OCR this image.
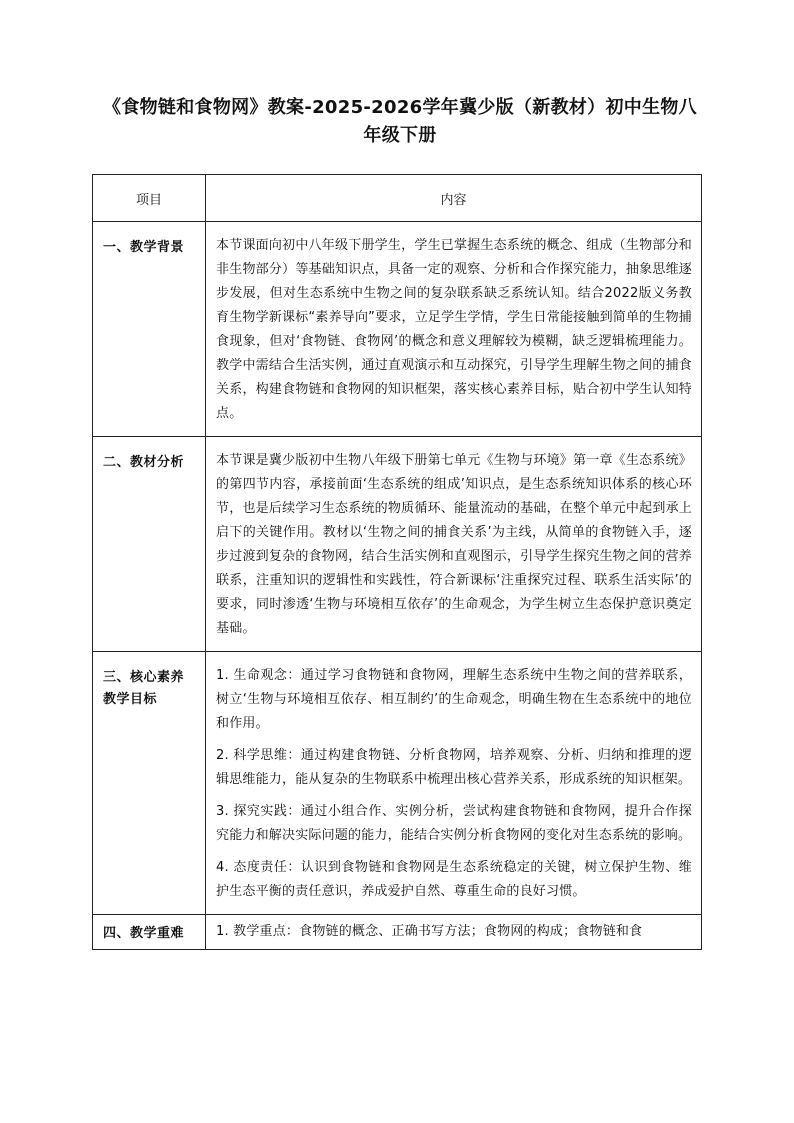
《食物链和食物网》教案-2025-2026学年冀少版（新教材）初中生物八年级下册
项目	内容
一、教学背景	本节课面向初中八年级下册学生，学生已掌握生态系统的概念、组成（生物部分和非生物部分）等基础知识点，具备一定的观察、分析和合作探究能力，抽象思维逐步发展，但对生态系统中生物之间的复杂联系缺乏系统认知。结合2022版义务教育生物学新课标“素养导向”要求，立足学生学情，学生日常能接触到简单的生物捕食现象，但对‘食物链、食物网’的概念和意义理解较为模糊，缺乏逻辑梳理能力。教学中需结合生活实例，通过直观演示和互动探究，引导学生理解生物之间的捕食关系，构建食物链和食物网的知识框架，落实核心素养目标，贴合初中学生认知特点。

二、教材分析	本节课是冀少版初中生物八年级下册第七单元《生物与环境》第一章《生态系统》的第四节内容，承接前面‘生态系统的组成’知识点，是生态系统知识体系的核心环节，也是后续学习生态系统的物质循环、能量流动的基础，在整个单元中起到承上启下的关键作用。教材以‘生物之间的捕食关系’为主线，从简单的食物链入手，逐步过渡到复杂的食物网，结合生活实例和直观图示，引导学生探究生物之间的营养联系，注重知识的逻辑性和实践性，符合新课标‘注重探究过程、联系生活实际’的要求，同时渗透‘生物与环境相互依存’的生命观念，为学生树立生态保护意识奠定基础。

三、核心素养教学目标	1. 生命观念：通过学习食物链和食物网，理解生态系统中生物之间的营养联系，树立‘生物与环境相互依存、相互制约’的生命观念，明确生物在生态系统中的地位和作用。

2. 科学思维：通过构建食物链、分析食物网，培养观察、分析、归纳和推理的逻辑思维能力，能从复杂的生物联系中梳理出核心营养关系，形成系统的知识框架。

3. 探究实践：通过小组合作、实例分析，尝试构建食物链和食物网，提升合作探究能力和解决实际问题的能力，能结合实例分析食物网的变化对生态系统的影响。

4. 态度责任：认识到食物链和食物网是生态系统稳定的关键，树立保护生物、维护生态平衡的责任意识，养成爱护自然、尊重生命的良好习惯。

四、教学重难	1. 教学重点：食物链的概念、正确书写方法；食物网的构成；食物链和食
